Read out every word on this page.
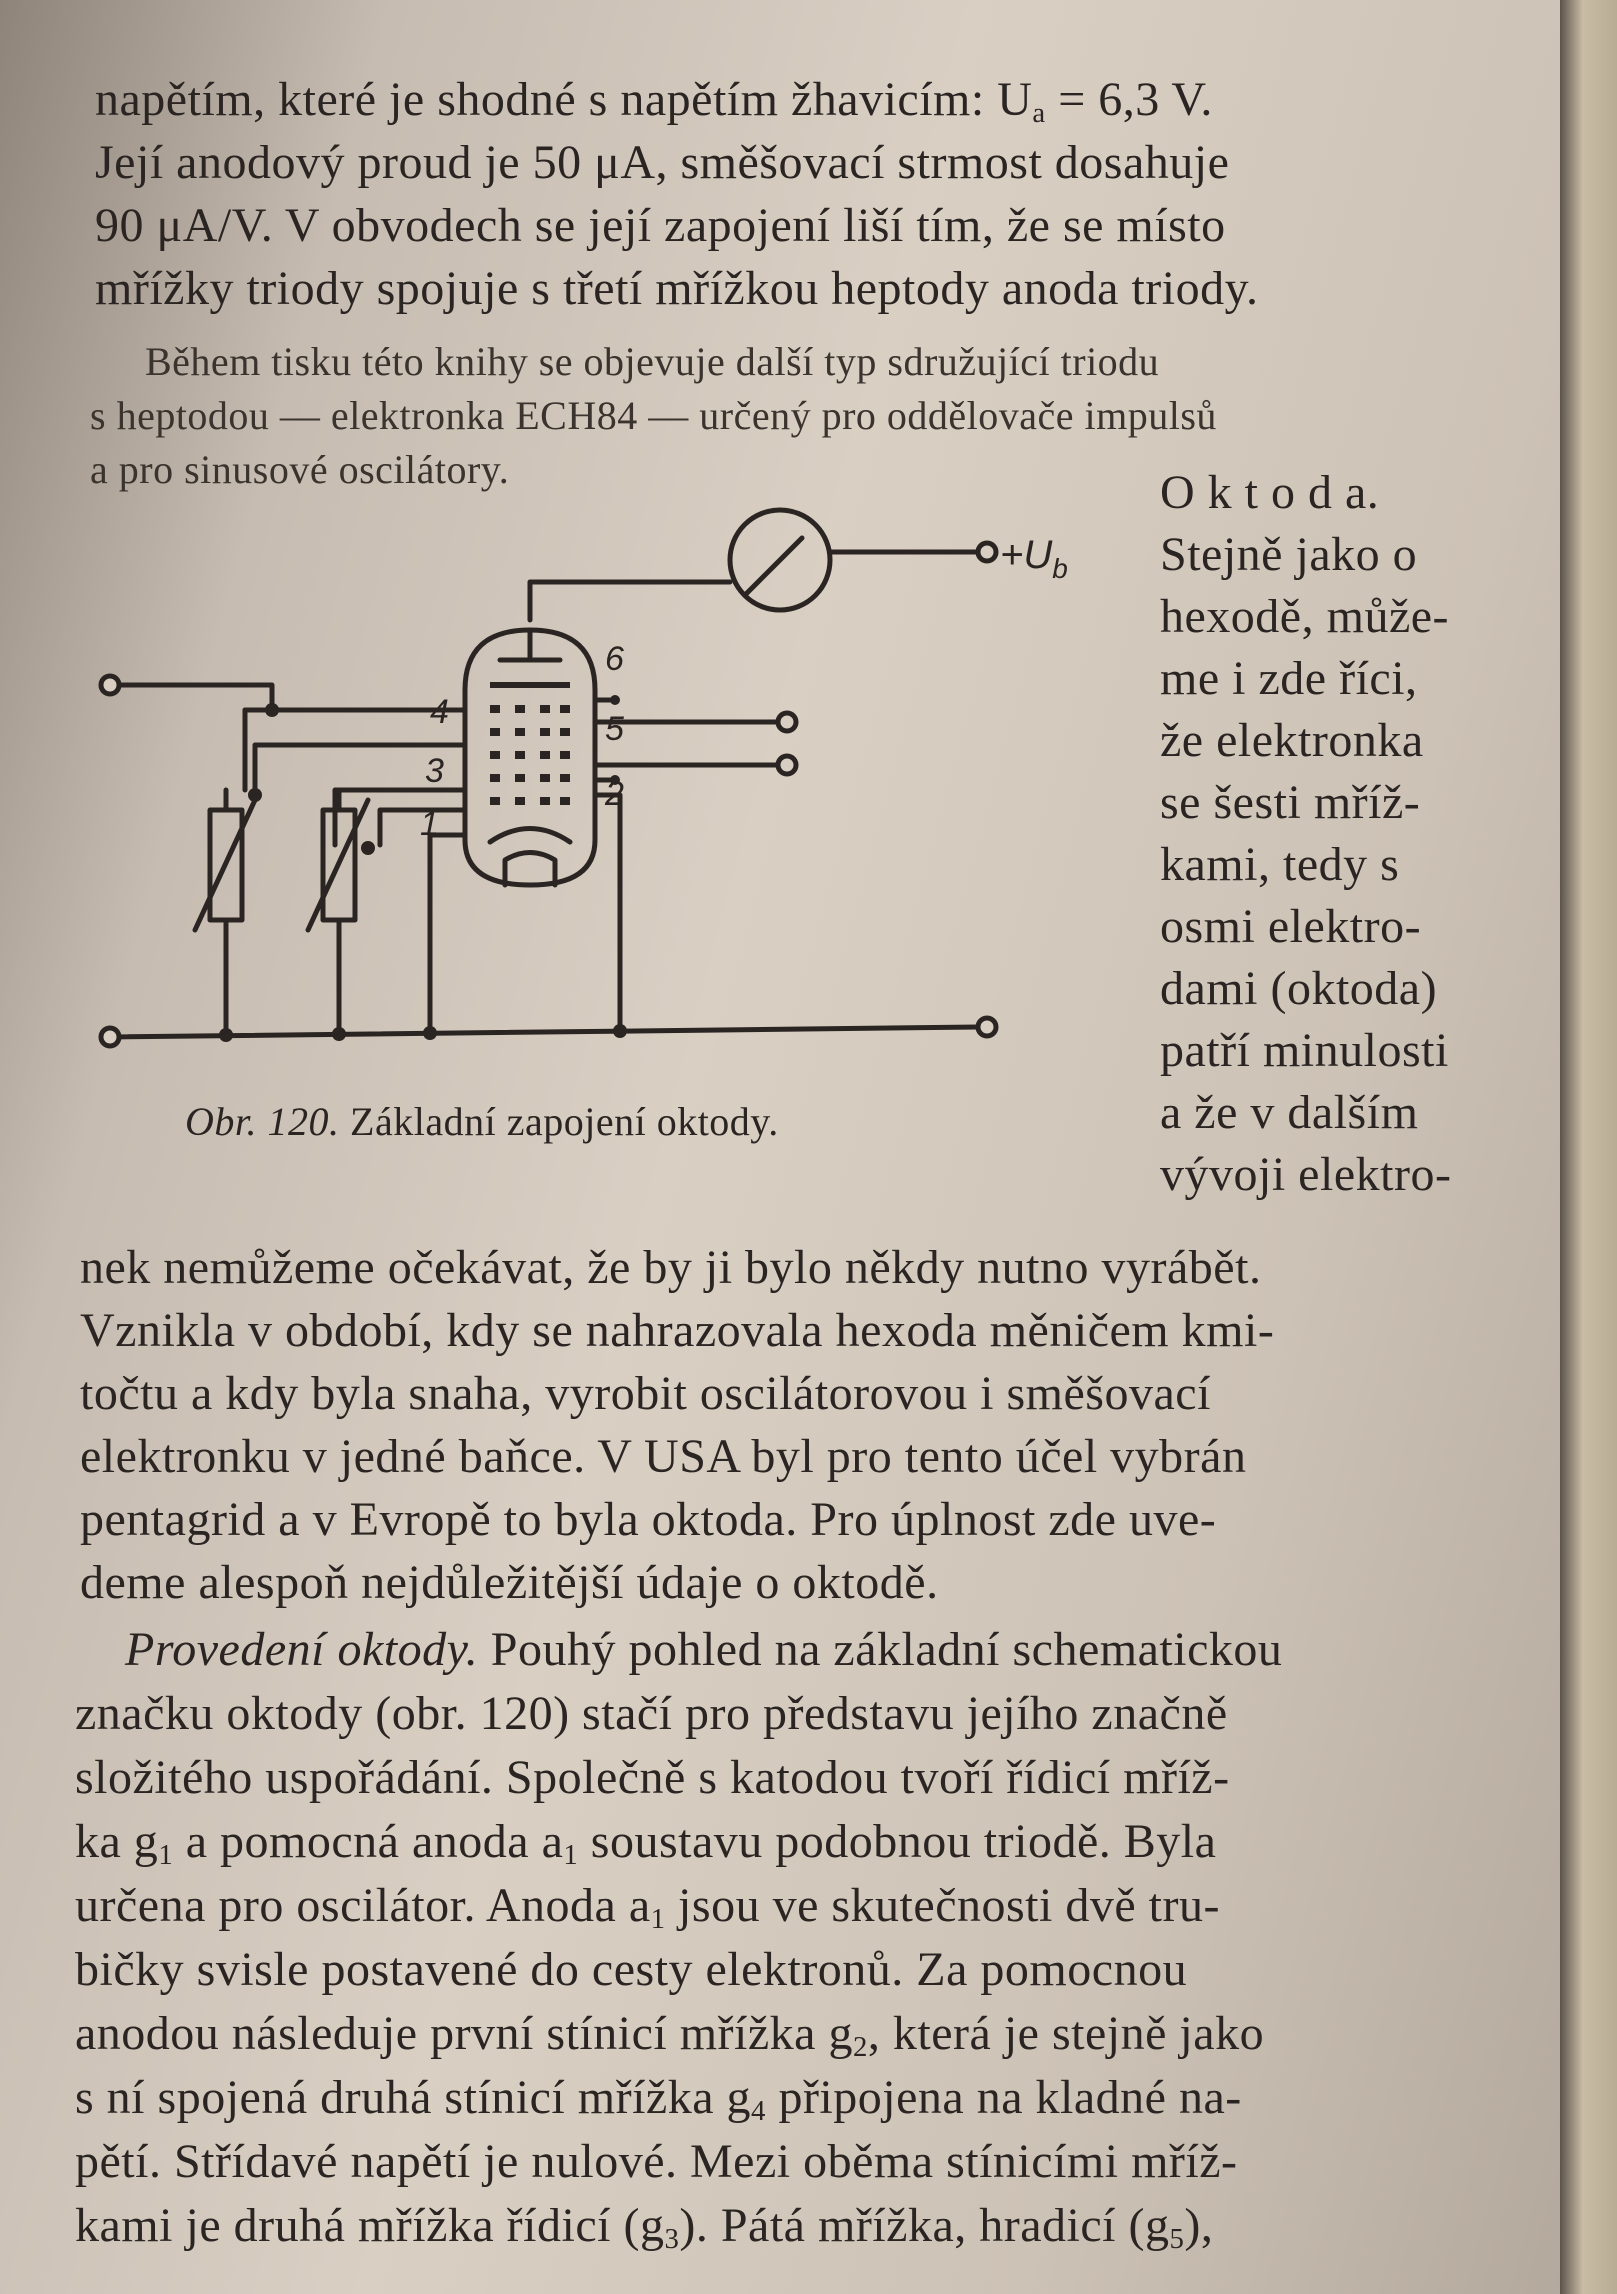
napětím, které je shodné s napětím žhavicím: $U_a = 6,3$ V.

Její anodový proud je 50 μA, směšovací strmost dosahuje

90 μA/V. V obvodech se její zapojení liší tím, že se místo

mřížky triody spojuje s třetí mřížkou heptody anoda triody.

Během tisku této knihy se objevuje další typ sdružující triodu

s heptodou — elektronka ECH84 — určený pro oddělovače impulsů

a pro sinusové oscilátory.	O k t o d a.

Stejně jako o

hexodě, může-

me i zde říci,

že elektronka

se šesti mříž-

kami, tedy s

osmi elektro-

dami (oktoda)

patří minulosti

a že v dalším

vývoji elektro-

$+U_b$
6
5
2
4
3
1

Obr. 120. Základní zapojení oktody.

nek nemůžeme očekávat, že by ji bylo někdy nutno vyrábět.

Vznikla v období, kdy se nahrazovala hexoda měničem kmi-

točtu a kdy byla snaha, vyrobit oscilátorovou i směšovací

elektronku v jedné baňce. V USA byl pro tento účel vybrán

pentagrid a v Evropě to byla oktoda. Pro úplnost zde uve-

deme alespoň nejdůležitější údaje o oktodě.

Provedení oktody. Pouhý pohled na základní schematickou

značku oktody (obr. 120) stačí pro představu jejího značně

složitého uspořádání. Společně s katodou tvoří řídicí mříž-

ka $g_1$ a pomocná anoda $a_1$ soustavu podobnou triodě. Byla

určena pro oscilátor. Anoda $a_1$ jsou ve skutečnosti dvě tru-

bičky svisle postavené do cesty elektronů. Za pomocnou

anodou následuje první stínicí mřížka $g_2$, která je stejně jako

s ní spojená druhá stínicí mřížka $g_4$ připojena na kladné na-

pětí. Střídavé napětí je nulové. Mezi oběma stínicími mříž-

kami je druhá mřížka řídicí $(g_3)$. Pátá mřížka, hradicí $(g_5)$,
